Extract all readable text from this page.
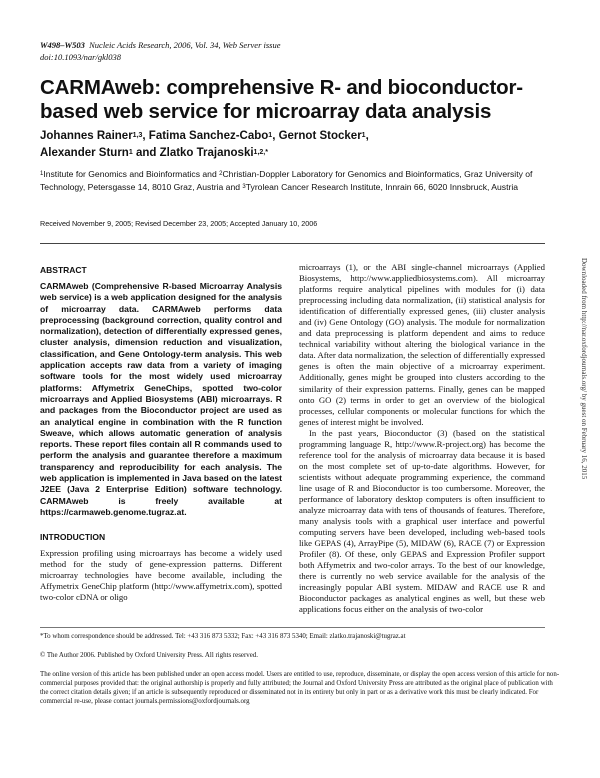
W498–W503 Nucleic Acids Research, 2006, Vol. 34, Web Server issue
doi:10.1093/nar/gkl038
CARMAweb: comprehensive R- and bioconductor-based web service for microarray data analysis
Johannes Rainer$^{1,3}$, Fatima Sanchez-Cabo$^1$, Gernot Stocker$^1$,
Alexander Sturn$^1$ and Zlatko Trajanoski$^{1,2,*}$
$^1$Institute for Genomics and Bioinformatics and $^2$Christian-Doppler Laboratory for Genomics and Bioinformatics, Graz University of Technology, Petersgasse 14, 8010 Graz, Austria and $^3$Tyrolean Cancer Research Institute, Innrain 66, 6020 Innsbruck, Austria
Received November 9, 2005; Revised December 23, 2005; Accepted January 10, 2006
ABSTRACT
CARMAweb (Comprehensive R-based Microarray Analysis web service) is a web application designed for the analysis of microarray data. CARMAweb performs data preprocessing (background correction, quality control and normalization), detection of differentially expressed genes, cluster analysis, dimension reduction and visualization, classification, and Gene Ontology-term analysis. This web application accepts raw data from a variety of imaging software tools for the most widely used microarray platforms: Affymetrix GeneChips, spotted two-color microarrays and Applied Biosystems (ABI) microarrays. R and packages from the Bioconductor project are used as an analytical engine in combination with the R function Sweave, which allows automatic generation of analysis reports. These report files contain all R commands used to perform the analysis and guarantee therefore a maximum transparency and reproducibility for each analysis. The web application is implemented in Java based on the latest J2EE (Java 2 Enterprise Edition) software technology. CARMAweb is freely available at https://carmaweb.genome.tugraz.at.
INTRODUCTION
Expression profiling using microarrays has become a widely used method for the study of gene-expression patterns. Different microarray technologies have become available, including the Affymetrix GeneChip platform (http://www.affymetrix.com), spotted two-color cDNA or oligo

microarrays (1), or the ABI single-channel microarrays (Applied Biosystems, http://www.appliedbiosystems.com). All microarray platforms require analytical pipelines with modules for (i) data preprocessing including data normalization, (ii) statistical analysis for identification of differentially expressed genes, (iii) cluster analysis and (iv) Gene Ontology (GO) analysis. The module for normalization and data preprocessing is platform dependent and aims to reduce technical variability without altering the biological variance in the data. After data normalization, the selection of differentially expressed genes is often the main objective of a microarray experiment. Additionally, genes might be grouped into clusters according to the similarity of their expression patterns. Finally, genes can be mapped onto GO (2) terms in order to get an overview of the biological processes, cellular components or molecular functions for which the genes of interest might be involved.

In the past years, Bioconductor (3) (based on the statistical programming language R, http://www.R-project.org) has become the reference tool for the analysis of microarray data because it is based on the most complete set of up-to-date algorithms. However, for scientists without adequate programming experience, the command line usage of R and Bioconductor is too cumbersome. Moreover, the performance of laboratory desktop computers is often insufficient to analyze microarray data with tens of thousands of features. Therefore, many analysis tools with a graphical user interface and powerful computing servers have been developed, including web-based tools like GEPAS (4), ArrayPipe (5), MIDAW (6), RACE (7) or Expression Profiler (8). Of these, only GEPAS and Expression Profiler support both Affymetrix and two-color arrays. To the best of our knowledge, there is currently no web service available for the analysis of the increasingly popular ABI system. MIDAW and RACE use R and Bioconductor packages as analytical engines as well, but these web applications focus either on the analysis of two-color

*To whom correspondence should be addressed. Tel: +43 316 873 5332; Fax: +43 316 873 5340; Email: zlatko.trajanoski@tugraz.at
© The Author 2006. Published by Oxford University Press. All rights reserved.
The online version of this article has been published under an open access model. Users are entitled to use, reproduce, disseminate, or display the open access version of this article for non-commercial purposes provided that: the original authorship is properly and fully attributed; the Journal and Oxford University Press are attributed as the original place of publication with the correct citation details given; if an article is subsequently reproduced or disseminated not in its entirety but only in part or as a derivative work this must be clearly indicated. For commercial re-use, please contact journals.permissions@oxfordjournals.org
Downloaded from http://nar.oxfordjournals.org/ by guest on February 16, 2015
